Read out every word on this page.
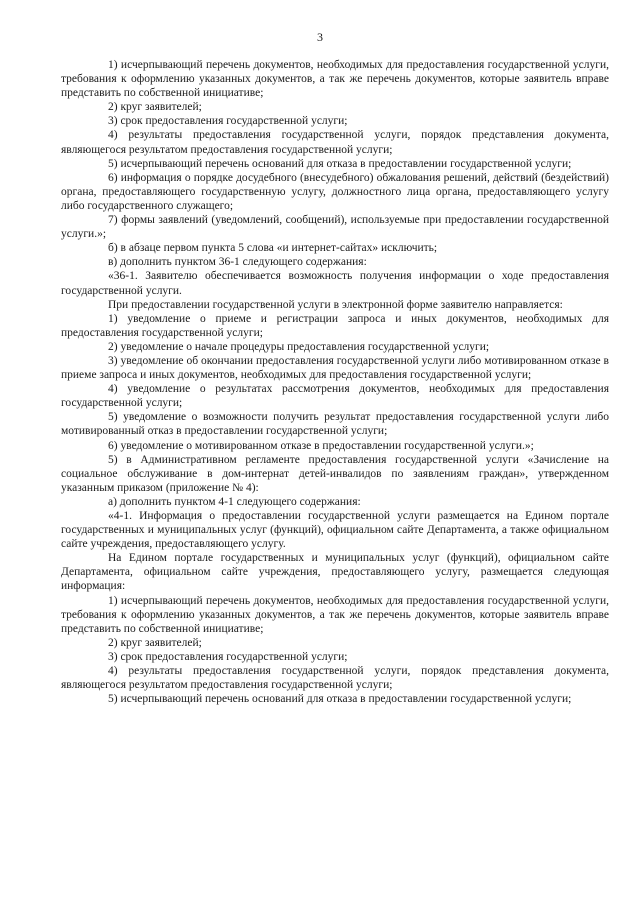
3

1) исчерпывающий перечень документов, необходимых для предоставления государственной услуги, требования к оформлению указанных документов, а так же перечень документов, которые заявитель вправе представить по собственной инициативе;

2) круг заявителей;

3) срок предоставления государственной услуги;

4) результаты предоставления государственной услуги, порядок представления документа, являющегося результатом предоставления государственной услуги;

5) исчерпывающий перечень оснований для отказа в предоставлении государственной услуги;

6) информация о порядке досудебного (внесудебного) обжалования решений, действий (бездействий) органа, предоставляющего государственную услугу, должностного лица органа, предоставляющего услугу либо государственного служащего;

7) формы заявлений (уведомлений, сообщений), используемые при предоставлении государственной услуги.»;

б) в абзаце первом пункта 5 слова «и интернет-сайтах» исключить;

в) дополнить пунктом 36-1 следующего содержания:

«36-1. Заявителю обеспечивается возможность получения информации о ходе предоставления государственной услуги.

При предоставлении государственной услуги в электронной форме заявителю направляется:

1) уведомление о приеме и регистрации запроса и иных документов, необходимых для предоставления государственной услуги;

2) уведомление о начале процедуры предоставления государственной услуги;

3) уведомление об окончании предоставления государственной услуги либо мотивированном отказе в приеме запроса и иных документов, необходимых для предоставления государственной услуги;

4) уведомление о результатах рассмотрения документов, необходимых для предоставления государственной услуги;

5) уведомление о возможности получить результат предоставления государственной услуги либо мотивированный отказ в предоставлении государственной услуги;

6) уведомление о мотивированном отказе в предоставлении государственной услуги.»;

5) в Административном регламенте предоставления государственной услуги «Зачисление на социальное обслуживание в дом-интернат детей-инвалидов по заявлениям граждан», утвержденном указанным приказом (приложение № 4):

а) дополнить пунктом 4-1 следующего содержания:

«4-1. Информация о предоставлении государственной услуги размещается на Едином портале государственных и муниципальных услуг (функций), официальном сайте Департамента, а также официальном сайте учреждения, предоставляющего услугу.

На Едином портале государственных и муниципальных услуг (функций), официальном сайте Департамента, официальном сайте учреждения, предоставляющего услугу, размещается следующая информация:

1) исчерпывающий перечень документов, необходимых для предоставления государственной услуги, требования к оформлению указанных документов, а так же перечень документов, которые заявитель вправе представить по собственной инициативе;

2) круг заявителей;

3) срок предоставления государственной услуги;

4) результаты предоставления государственной услуги, порядок представления документа, являющегося результатом предоставления государственной услуги;

5) исчерпывающий перечень оснований для отказа в предоставлении государственной услуги;
